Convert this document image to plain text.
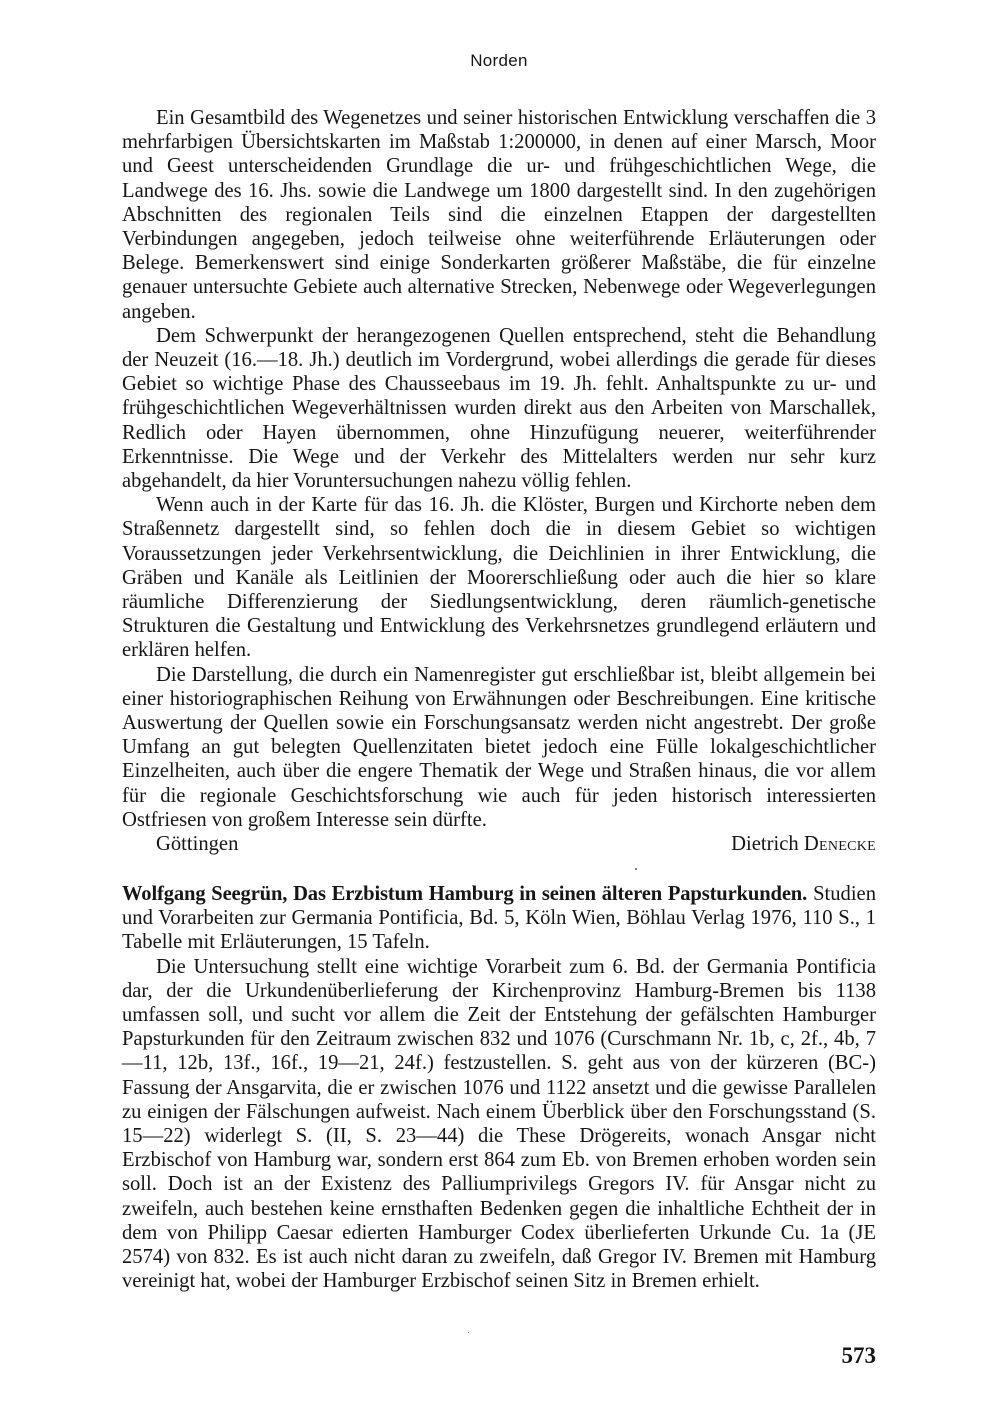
Norden

Ein Gesamtbild des Wegenetzes und seiner historischen Entwicklung verschaffen die 3 mehrfarbigen Übersichtskarten im Maßstab 1:200000, in denen auf einer Marsch, Moor und Geest unterscheidenden Grundlage die ur- und frühgeschichtlichen Wege, die Landwege des 16. Jhs. sowie die Landwege um 1800 dargestellt sind. In den zugehörigen Abschnitten des regionalen Teils sind die einzelnen Etappen der dargestellten Verbindungen angegeben, jedoch teilweise ohne weiterführende Erläuterungen oder Belege. Bemerkenswert sind einige Sonderkarten größerer Maßstäbe, die für einzelne genauer untersuchte Gebiete auch alternative Strecken, Nebenwege oder Wegeverlegungen angeben.

Dem Schwerpunkt der herangezogenen Quellen entsprechend, steht die Behandlung der Neuzeit (16.—18. Jh.) deutlich im Vordergrund, wobei allerdings die gerade für dieses Gebiet so wichtige Phase des Chausseebaus im 19. Jh. fehlt. Anhaltspunkte zu ur- und frühgeschichtlichen Wegeverhältnissen wurden direkt aus den Arbeiten von Marschallek, Redlich oder Hayen übernommen, ohne Hinzufügung neuerer, weiterführender Erkenntnisse. Die Wege und der Verkehr des Mittelalters werden nur sehr kurz abgehandelt, da hier Voruntersuchungen nahezu völlig fehlen.

Wenn auch in der Karte für das 16. Jh. die Klöster, Burgen und Kirchorte neben dem Straßennetz dargestellt sind, so fehlen doch die in diesem Gebiet so wichtigen Voraussetzungen jeder Verkehrsentwicklung, die Deichlinien in ihrer Entwicklung, die Gräben und Kanäle als Leitlinien der Moorerschließung oder auch die hier so klare räumliche Differenzierung der Siedlungsentwicklung, deren räumlich-genetische Strukturen die Gestaltung und Entwicklung des Verkehrsnetzes grundlegend erläutern und erklären helfen.

Die Darstellung, die durch ein Namenregister gut erschließbar ist, bleibt allgemein bei einer historiographischen Reihung von Erwähnungen oder Beschreibungen. Eine kritische Auswertung der Quellen sowie ein Forschungsansatz werden nicht angestrebt. Der große Umfang an gut belegten Quellenzitaten bietet jedoch eine Fülle lokalgeschichtlicher Einzelheiten, auch über die engere Thematik der Wege und Straßen hinaus, die vor allem für die regionale Geschichtsforschung wie auch für jeden historisch interessierten Ostfriesen von großem Interesse sein dürfte.

Göttingen	Dietrich Denecke

Wolfgang Seegrün, Das Erzbistum Hamburg in seinen älteren Papsturkunden. Studien und Vorarbeiten zur Germania Pontificia, Bd. 5, Köln Wien, Böhlau Verlag 1976, 110 S., 1 Tabelle mit Erläuterungen, 15 Tafeln.

Die Untersuchung stellt eine wichtige Vorarbeit zum 6. Bd. der Germania Pontificia dar, der die Urkundenüberlieferung der Kirchenprovinz Hamburg-Bremen bis 1138 umfassen soll, und sucht vor allem die Zeit der Entstehung der gefälschten Hamburger Papsturkunden für den Zeitraum zwischen 832 und 1076 (Curschmann Nr. 1b, c, 2f., 4b, 7—11, 12b, 13f., 16f., 19—21, 24f.) festzustellen. S. geht aus von der kürzeren (BC-) Fassung der Ansgarvita, die er zwischen 1076 und 1122 ansetzt und die gewisse Parallelen zu einigen der Fälschungen aufweist. Nach einem Überblick über den Forschungsstand (S. 15—22) widerlegt S. (II, S. 23—44) die These Drögereits, wonach Ansgar nicht Erzbischof von Hamburg war, sondern erst 864 zum Eb. von Bremen erhoben worden sein soll. Doch ist an der Existenz des Palliumprivilegs Gregors IV. für Ansgar nicht zu zweifeln, auch bestehen keine ernsthaften Bedenken gegen die inhaltliche Echtheit der in dem von Philipp Caesar edierten Hamburger Codex überlieferten Urkunde Cu. 1a (JE 2574) von 832. Es ist auch nicht daran zu zweifeln, daß Gregor IV. Bremen mit Hamburg vereinigt hat, wobei der Hamburger Erzbischof seinen Sitz in Bremen erhielt.

573
